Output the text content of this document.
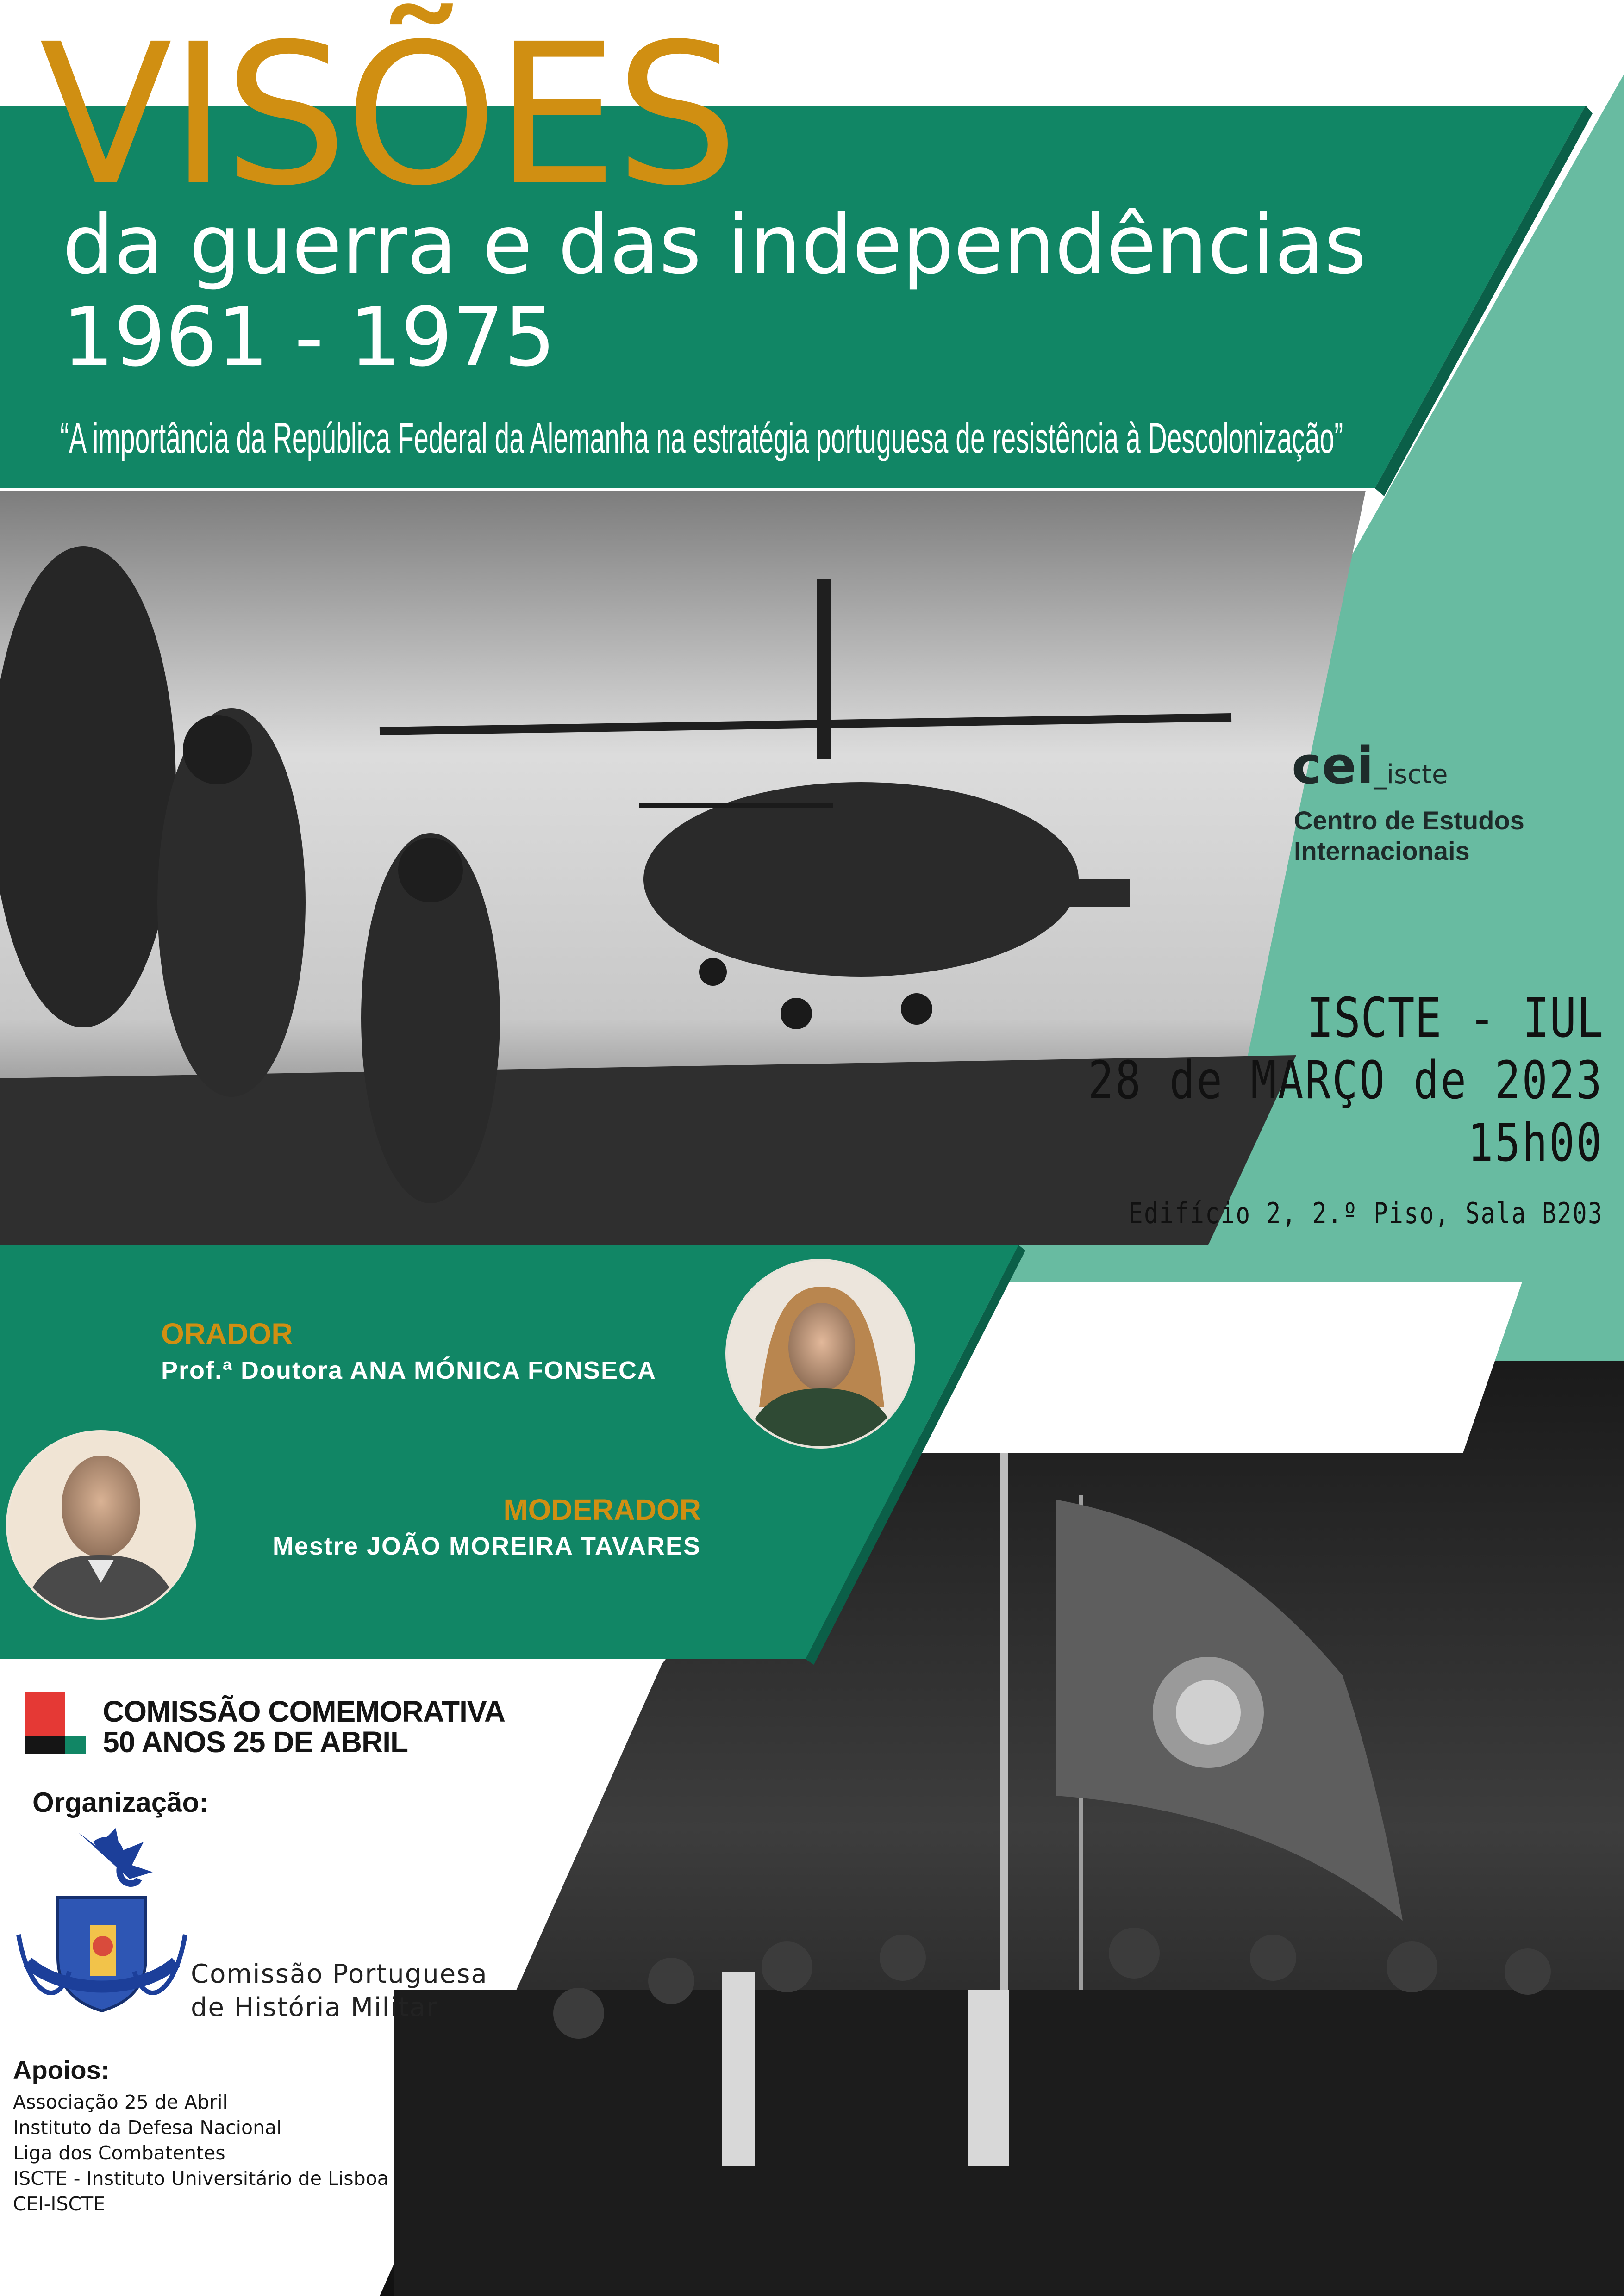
VISÕES
da guerra e das independências
1961 - 1975
“A importância da República Federal da Alemanha na estratégia portuguesa de resistência à Descolonização”
cei_iscte
Centro de Estudos
Internacionais
ISCTE - IUL
28 de MARÇO de 2023
15h00
Edifício 2, 2.º Piso, Sala B203
ORADOR
Prof.ª Doutora ANA MÓNICA FONSECA
MODERADOR
Mestre JOÃO MOREIRA TAVARES
COMISSÃO COMEMORATIVA
50 ANOS 25 DE ABRIL
Organização:
Comissão Portuguesa
de História Militar
Apoios:
Associação 25 de Abril
Instituto da Defesa Nacional
Liga dos Combatentes
ISCTE - Instituto Universitário de Lisboa
CEI-ISCTE
